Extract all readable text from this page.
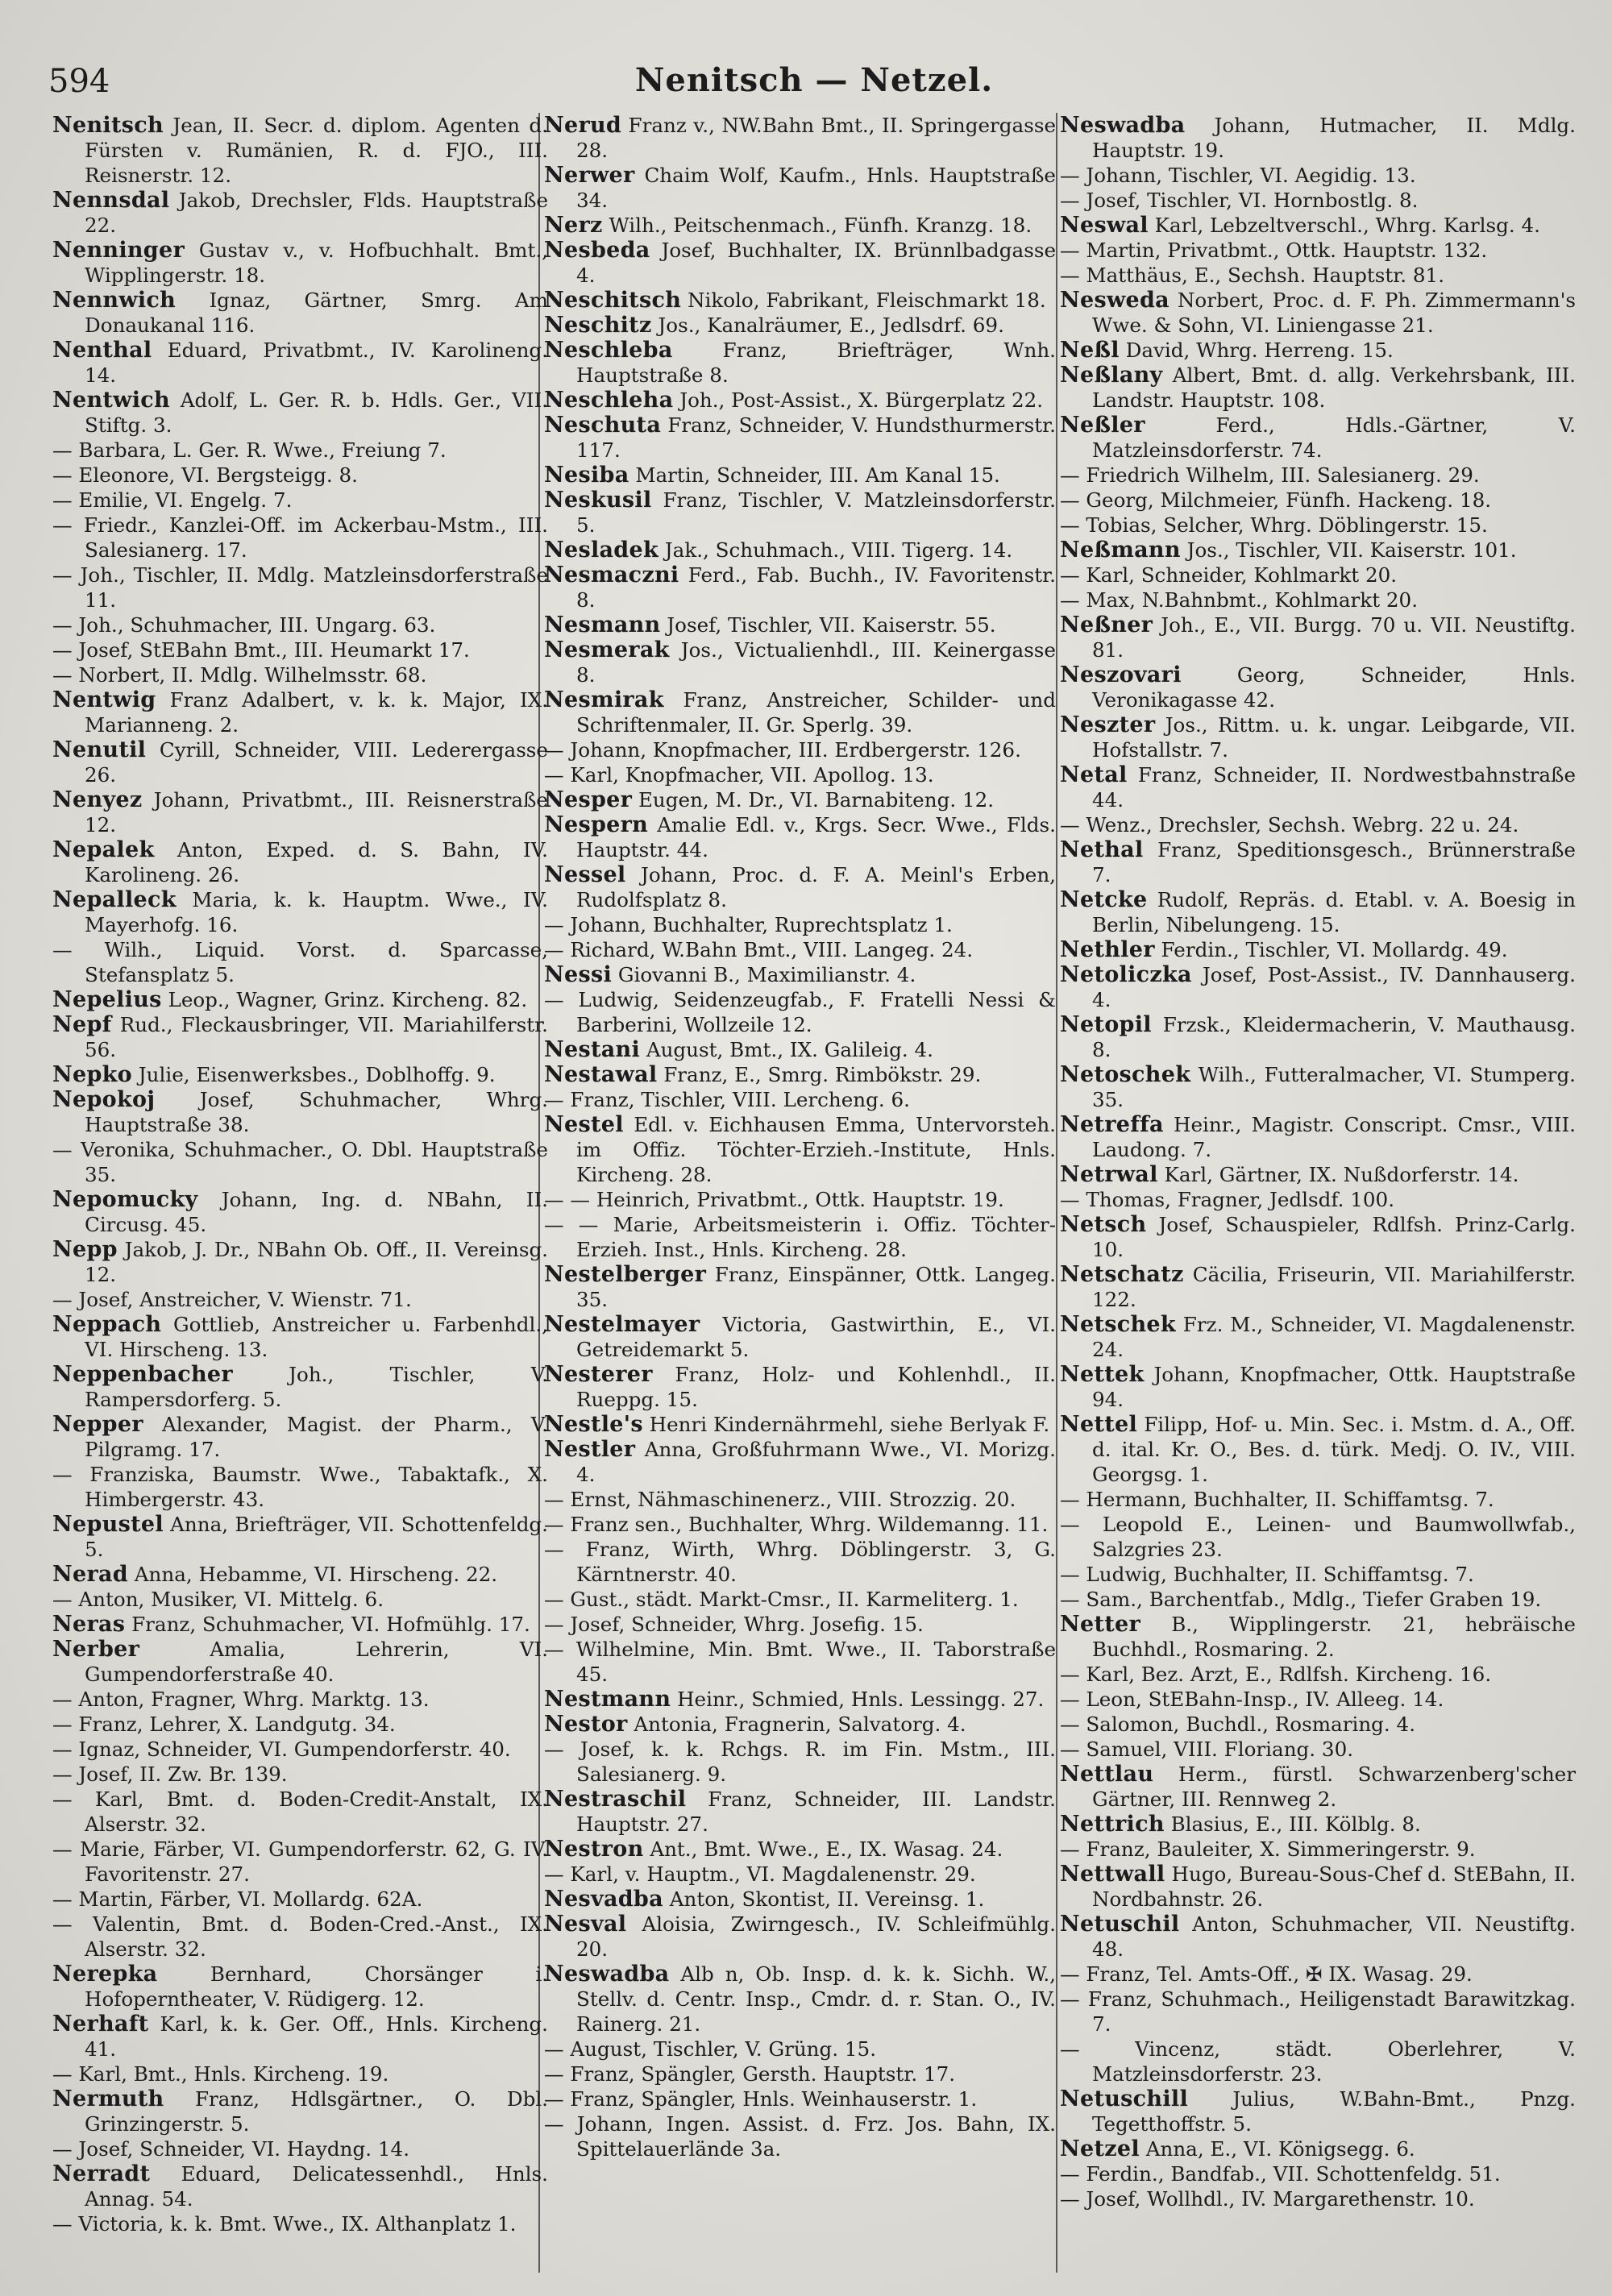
594	Nenitsch — Netzel.

Nenitsch Jean, II. Secr. d. diplom. Agenten d. Fürsten v. Rumänien, R. d. FJO., III. Reisnerstr. 12.

Nennsdal Jakob, Drechsler, Flds. Hauptstraße 22.

Nenninger Gustav v., v. Hofbuchhalt. Bmt., Wipplingerstr. 18.

Nennwich Ignaz, Gärtner, Smrg. Am Donaukanal 116.

Nenthal Eduard, Privatbmt., IV. Karolineng. 14.

Nentwich Adolf, L. Ger. R. b. Hdls. Ger., VII. Stiftg. 3.

— Barbara, L. Ger. R. Wwe., Freiung 7.

— Eleonore, VI. Bergsteigg. 8.

— Emilie, VI. Engelg. 7.

— Friedr., Kanzlei-Off. im Ackerbau-Mstm., III. Salesianerg. 17.

— Joh., Tischler, II. Mdlg. Matzleinsdorferstraße 11.

— Joh., Schuhmacher, III. Ungarg. 63.

— Josef, StEBahn Bmt., III. Heumarkt 17.

— Norbert, II. Mdlg. Wilhelmsstr. 68.

Nentwig Franz Adalbert, v. k. k. Major, IX. Marianneng. 2.

Nenutil Cyrill, Schneider, VIII. Lederergasse 26.

Nenyez Johann, Privatbmt., III. Reisnerstraße 12.

Nepalek Anton, Exped. d. S. Bahn, IV. Karolineng. 26.

Nepalleck Maria, k. k. Hauptm. Wwe., IV. Mayerhofg. 16.

— Wilh., Liquid. Vorst. d. Sparcasse, Stefansplatz 5.

Nepelius Leop., Wagner, Grinz. Kircheng. 82.

Nepf Rud., Fleckausbringer, VII. Mariahilferstr. 56.

Nepko Julie, Eisenwerksbes., Doblhoffg. 9.

Nepokoj Josef, Schuhmacher, Whrg. Hauptstraße 38.

— Veronika, Schuhmacher., O. Dbl. Hauptstraße 35.

Nepomucky Johann, Ing. d. NBahn, II. Circusg. 45.

Nepp Jakob, J. Dr., NBahn Ob. Off., II. Vereinsg. 12.

— Josef, Anstreicher, V. Wienstr. 71.

Neppach Gottlieb, Anstreicher u. Farbenhdl., VI. Hirscheng. 13.

Neppenbacher Joh., Tischler, V. Rampersdorferg. 5.

Nepper Alexander, Magist. der Pharm., V. Pilgramg. 17.

— Franziska, Baumstr. Wwe., Tabaktafk., X. Himbergerstr. 43.

Nepustel Anna, Briefträger, VII. Schottenfeldg. 5.

Nerad Anna, Hebamme, VI. Hirscheng. 22.

— Anton, Musiker, VI. Mittelg. 6.

Neras Franz, Schuhmacher, VI. Hofmühlg. 17.

Nerber Amalia, Lehrerin, VI. Gumpendorferstraße 40.

— Anton, Fragner, Whrg. Marktg. 13.

— Franz, Lehrer, X. Landgutg. 34.

— Ignaz, Schneider, VI. Gumpendorferstr. 40.

— Josef, II. Zw. Br. 139.

— Karl, Bmt. d. Boden-Credit-Anstalt, IX. Alserstr. 32.

— Marie, Färber, VI. Gumpendorferstr. 62, G. IV. Favoritenstr. 27.

— Martin, Färber, VI. Mollardg. 62A.

— Valentin, Bmt. d. Boden-Cred.-Anst., IX. Alserstr. 32.

Nerepka Bernhard, Chorsänger i. Hofoperntheater, V. Rüdigerg. 12.

Nerhaft Karl, k. k. Ger. Off., Hnls. Kircheng. 41.

— Karl, Bmt., Hnls. Kircheng. 19.

Nermuth Franz, Hdlsgärtner., O. Dbl. Grinzingerstr. 5.

— Josef, Schneider, VI. Haydng. 14.

Nerradt Eduard, Delicatessenhdl., Hnls. Annag. 54.

— Victoria, k. k. Bmt. Wwe., IX. Althanplatz 1.

Nerud Franz v., NW.Bahn Bmt., II. Springergasse 28.

Nerwer Chaim Wolf, Kaufm., Hnls. Hauptstraße 34.

Nerz Wilh., Peitschenmach., Fünfh. Kranzg. 18.

Nesbeda Josef, Buchhalter, IX. Brünnlbadgasse 4.

Neschitsch Nikolo, Fabrikant, Fleischmarkt 18.

Neschitz Jos., Kanalräumer, E., Jedlsdrf. 69.

Neschleba Franz, Briefträger, Wnh. Hauptstraße 8.

Neschleha Joh., Post-Assist., X. Bürgerplatz 22.

Neschuta Franz, Schneider, V. Hundsthurmerstr. 117.

Nesiba Martin, Schneider, III. Am Kanal 15.

Neskusil Franz, Tischler, V. Matzleinsdorferstr. 5.

Nesladek Jak., Schuhmach., VIII. Tigerg. 14.

Nesmaczni Ferd., Fab. Buchh., IV. Favoritenstr. 8.

Nesmann Josef, Tischler, VII. Kaiserstr. 55.

Nesmerak Jos., Victualienhdl., III. Keinergasse 8.

Nesmirak Franz, Anstreicher, Schilder- und Schriftenmaler, II. Gr. Sperlg. 39.

— Johann, Knopfmacher, III. Erdbergerstr. 126.

— Karl, Knopfmacher, VII. Apollog. 13.

Nesper Eugen, M. Dr., VI. Barnabiteng. 12.

Nespern Amalie Edl. v., Krgs. Secr. Wwe., Flds. Hauptstr. 44.

Nessel Johann, Proc. d. F. A. Meinl's Erben, Rudolfsplatz 8.

— Johann, Buchhalter, Ruprechtsplatz 1.

— Richard, W.Bahn Bmt., VIII. Langeg. 24.

Nessi Giovanni B., Maximilianstr. 4.

— Ludwig, Seidenzeugfab., F. Fratelli Nessi & Barberini, Wollzeile 12.

Nestani August, Bmt., IX. Galileig. 4.

Nestawal Franz, E., Smrg. Rimbökstr. 29.

— Franz, Tischler, VIII. Lercheng. 6.

Nestel Edl. v. Eichhausen Emma, Untervorsteh. im Offiz. Töchter-Erzieh.-Institute, Hnls. Kircheng. 28.

— — Heinrich, Privatbmt., Ottk. Hauptstr. 19.

— — Marie, Arbeitsmeisterin i. Offiz. Töchter-Erzieh. Inst., Hnls. Kircheng. 28.

Nestelberger Franz, Einspänner, Ottk. Langeg. 35.

Nestelmayer Victoria, Gastwirthin, E., VI. Getreidemarkt 5.

Nesterer Franz, Holz- und Kohlenhdl., II. Rueppg. 15.

Nestle's Henri Kindernährmehl, siehe Berlyak F.

Nestler Anna, Großfuhrmann Wwe., VI. Morizg. 4.

— Ernst, Nähmaschinenerz., VIII. Strozzig. 20.

— Franz sen., Buchhalter, Whrg. Wildemanng. 11.

— Franz, Wirth, Whrg. Döblingerstr. 3, G. Kärntnerstr. 40.

— Gust., städt. Markt-Cmsr., II. Karmeliterg. 1.

— Josef, Schneider, Whrg. Josefig. 15.

— Wilhelmine, Min. Bmt. Wwe., II. Taborstraße 45.

Nestmann Heinr., Schmied, Hnls. Lessingg. 27.

Nestor Antonia, Fragnerin, Salvatorg. 4.

— Josef, k. k. Rchgs. R. im Fin. Mstm., III. Salesianerg. 9.

Nestraschil Franz, Schneider, III. Landstr. Hauptstr. 27.

Nestron Ant., Bmt. Wwe., E., IX. Wasag. 24.

— Karl, v. Hauptm., VI. Magdalenenstr. 29.

Nesvadba Anton, Skontist, II. Vereinsg. 1.

Nesval Aloisia, Zwirngesch., IV. Schleifmühlg. 20.

Neswadba Alb n, Ob. Insp. d. k. k. Sichh. W., Stellv. d. Centr. Insp., Cmdr. d. r. Stan. O., IV. Rainerg. 21.

— August, Tischler, V. Grüng. 15.

— Franz, Spängler, Gersth. Hauptstr. 17.

— Franz, Spängler, Hnls. Weinhauserstr. 1.

— Johann, Ingen. Assist. d. Frz. Jos. Bahn, IX. Spittelauerlände 3a.

Neswadba Johann, Hutmacher, II. Mdlg. Hauptstr. 19.

— Johann, Tischler, VI. Aegidig. 13.

— Josef, Tischler, VI. Hornbostlg. 8.

Neswal Karl, Lebzeltverschl., Whrg. Karlsg. 4.

— Martin, Privatbmt., Ottk. Hauptstr. 132.

— Matthäus, E., Sechsh. Hauptstr. 81.

Nesweda Norbert, Proc. d. F. Ph. Zimmermann's Wwe. & Sohn, VI. Liniengasse 21.

Neßl David, Whrg. Herreng. 15.

Neßlany Albert, Bmt. d. allg. Verkehrsbank, III. Landstr. Hauptstr. 108.

Neßler Ferd., Hdls.-Gärtner, V. Matzleinsdorferstr. 74.

— Friedrich Wilhelm, III. Salesianerg. 29.

— Georg, Milchmeier, Fünfh. Hackeng. 18.

— Tobias, Selcher, Whrg. Döblingerstr. 15.

Neßmann Jos., Tischler, VII. Kaiserstr. 101.

— Karl, Schneider, Kohlmarkt 20.

— Max, N.Bahnbmt., Kohlmarkt 20.

Neßner Joh., E., VII. Burgg. 70 u. VII. Neustiftg. 81.

Neszovari Georg, Schneider, Hnls. Veronikagasse 42.

Neszter Jos., Rittm. u. k. ungar. Leibgarde, VII. Hofstallstr. 7.

Netal Franz, Schneider, II. Nordwestbahnstraße 44.

— Wenz., Drechsler, Sechsh. Webrg. 22 u. 24.

Nethal Franz, Speditionsgesch., Brünnerstraße 7.

Netcke Rudolf, Repräs. d. Etabl. v. A. Boesig in Berlin, Nibelungeng. 15.

Nethler Ferdin., Tischler, VI. Mollardg. 49.

Netoliczka Josef, Post-Assist., IV. Dannhauserg. 4.

Netopil Frzsk., Kleidermacherin, V. Mauthausg. 8.

Netoschek Wilh., Futteralmacher, VI. Stumperg. 35.

Netreffa Heinr., Magistr. Conscript. Cmsr., VIII. Laudong. 7.

Netrwal Karl, Gärtner, IX. Nußdorferstr. 14.

— Thomas, Fragner, Jedlsdf. 100.

Netsch Josef, Schauspieler, Rdlfsh. Prinz-Carlg. 10.

Netschatz Cäcilia, Friseurin, VII. Mariahilferstr. 122.

Netschek Frz. M., Schneider, VI. Magdalenenstr. 24.

Nettek Johann, Knopfmacher, Ottk. Hauptstraße 94.

Nettel Filipp, Hof- u. Min. Sec. i. Mstm. d. A., Off. d. ital. Kr. O., Bes. d. türk. Medj. O. IV., VIII. Georgsg. 1.

— Hermann, Buchhalter, II. Schiffamtsg. 7.

— Leopold E., Leinen- und Baumwollwfab., Salzgries 23.

— Ludwig, Buchhalter, II. Schiffamtsg. 7.

— Sam., Barchentfab., Mdlg., Tiefer Graben 19.

Netter B., Wipplingerstr. 21, hebräische Buchhdl., Rosmaring. 2.

— Karl, Bez. Arzt, E., Rdlfsh. Kircheng. 16.

— Leon, StEBahn-Insp., IV. Alleeg. 14.

— Salomon, Buchdl., Rosmaring. 4.

— Samuel, VIII. Floriang. 30.

Nettlau Herm., fürstl. Schwarzenberg'scher Gärtner, III. Rennweg 2.

Nettrich Blasius, E., III. Kölblg. 8.

— Franz, Bauleiter, X. Simmeringerstr. 9.

Nettwall Hugo, Bureau-Sous-Chef d. StEBahn, II. Nordbahnstr. 26.

Netuschil Anton, Schuhmacher, VII. Neustiftg. 48.

— Franz, Tel. Amts-Off., ✠ IX. Wasag. 29.

— Franz, Schuhmach., Heiligenstadt Barawitzkag. 7.

— Vincenz, städt. Oberlehrer, V. Matzleinsdorferstr. 23.

Netuschill Julius, W.Bahn-Bmt., Pnzg. Tegetthoffstr. 5.

Netzel Anna, E., VI. Königsegg. 6.

— Ferdin., Bandfab., VII. Schottenfeldg. 51.

— Josef, Wollhdl., IV. Margarethenstr. 10.
